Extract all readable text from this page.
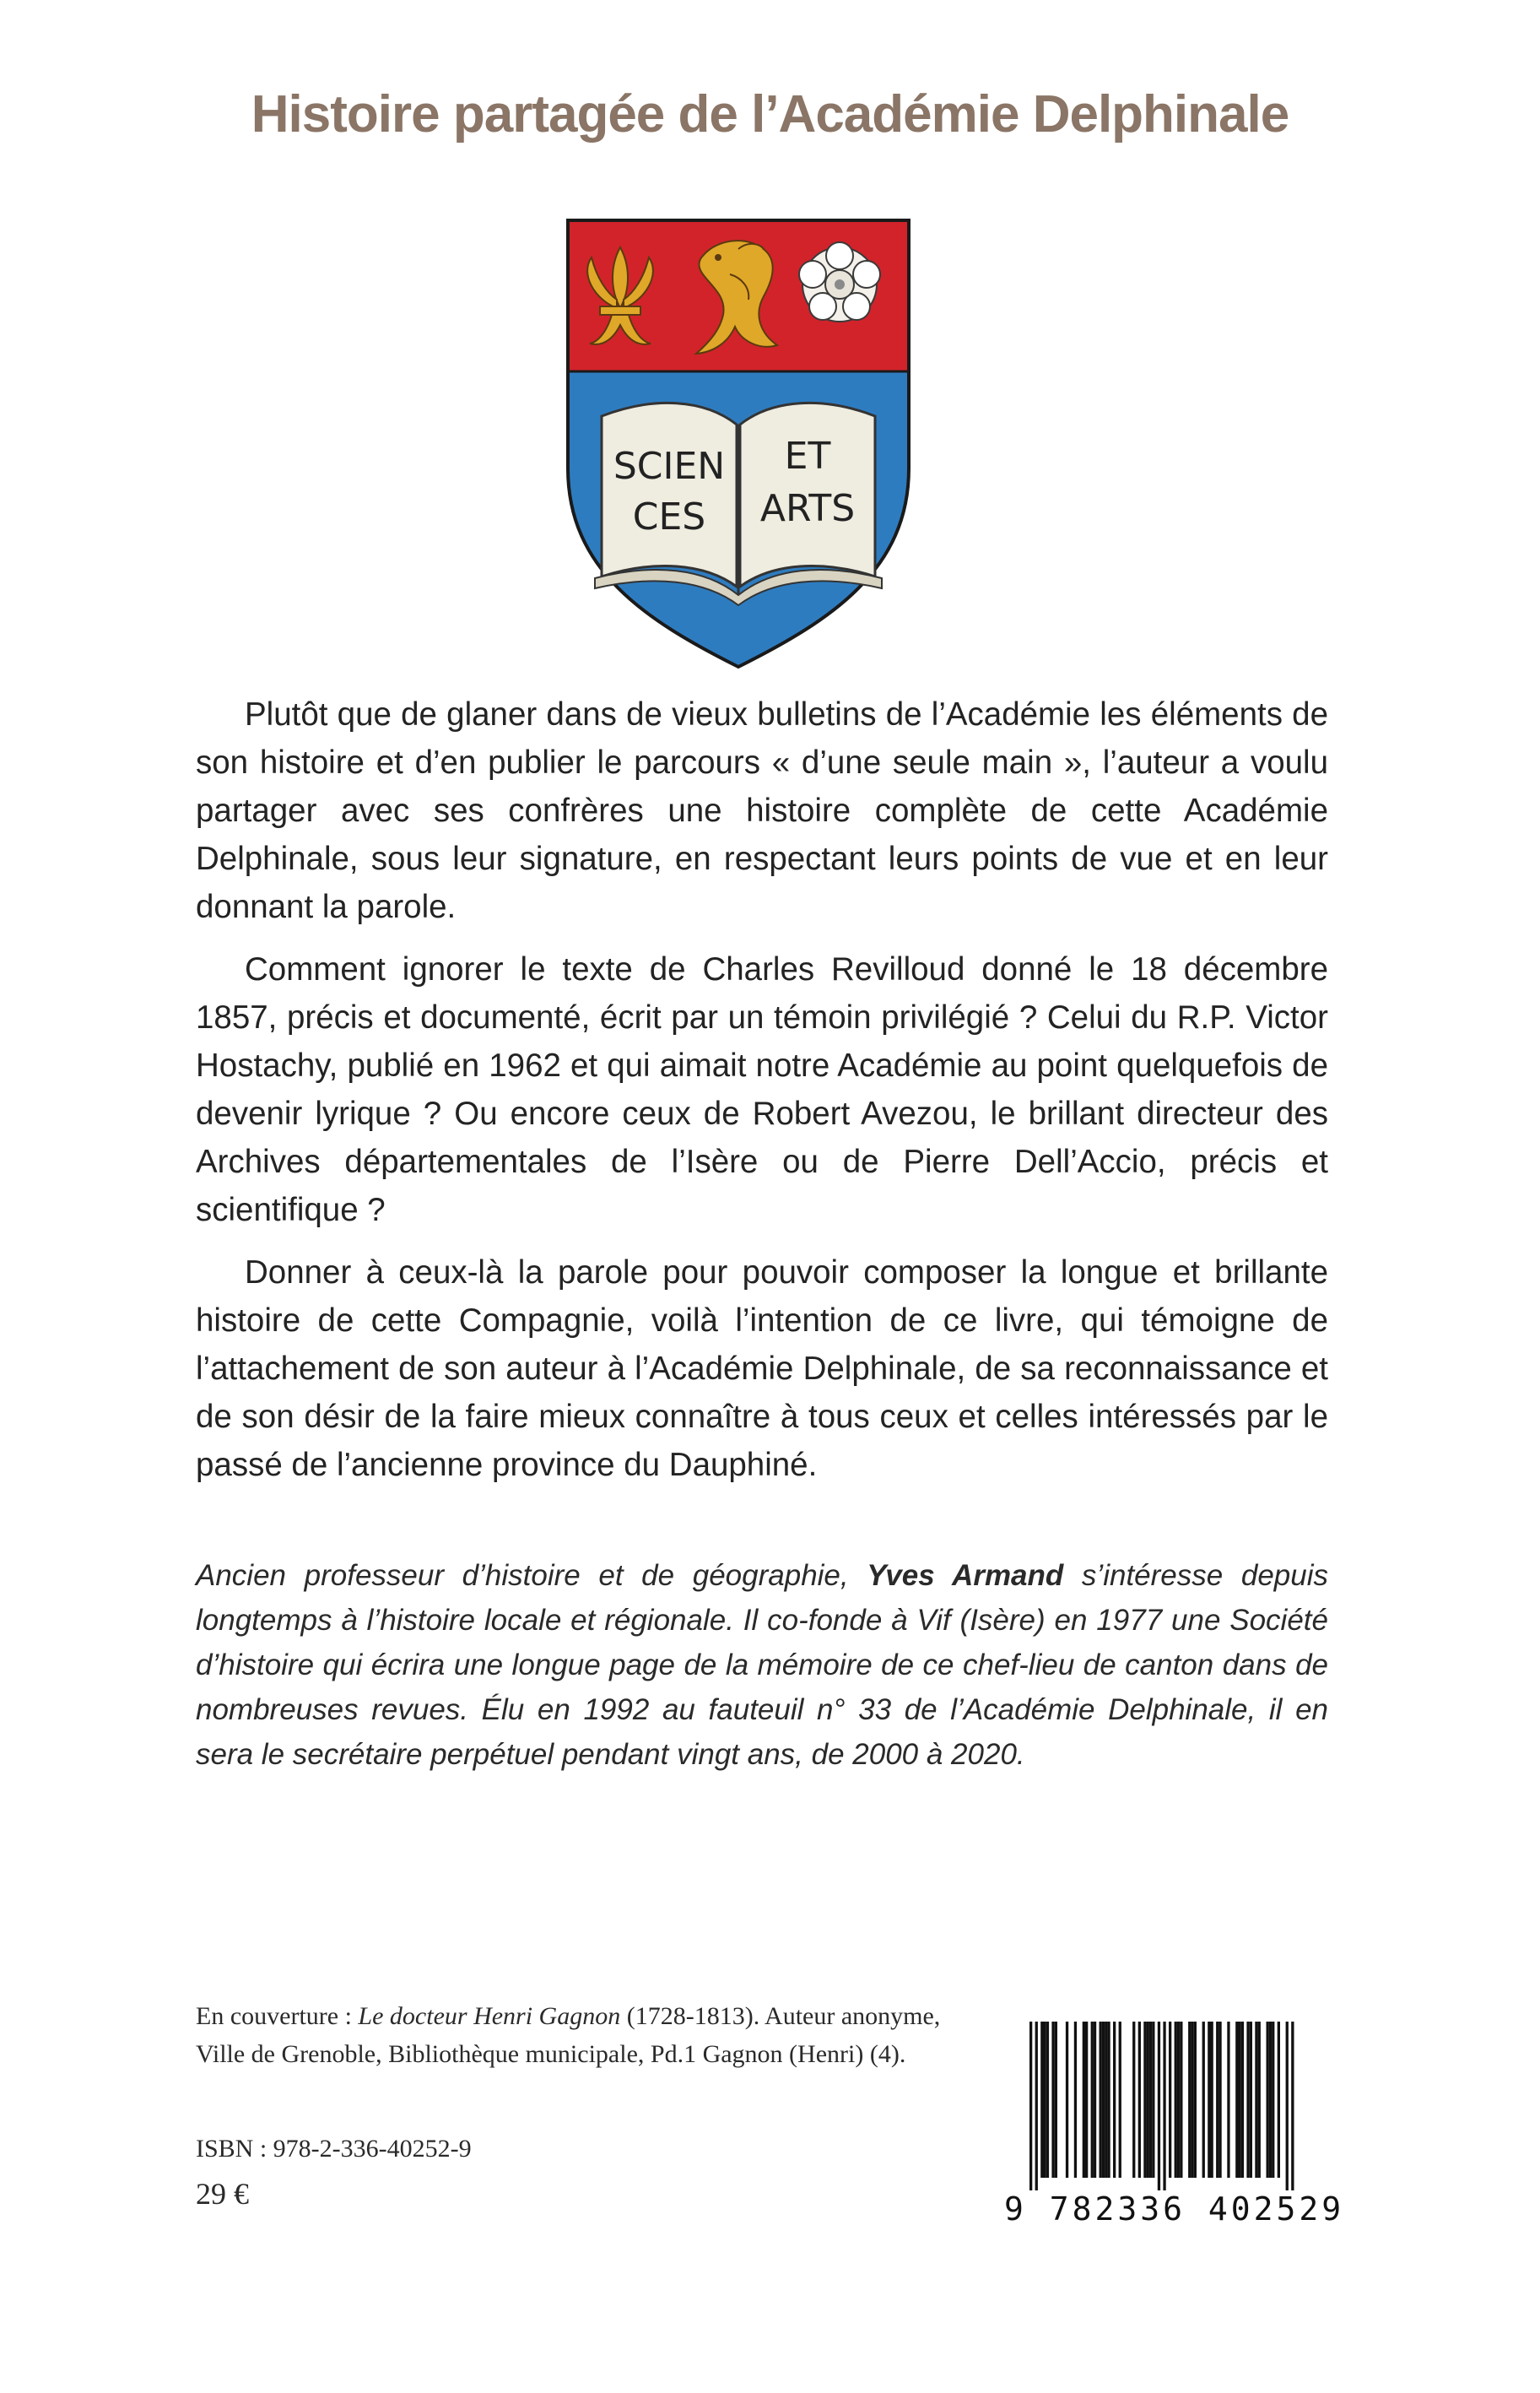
Histoire partagée de l’Académie Delphinale
SCIEN
CES
ET
ARTS

Plutôt que de glaner dans de vieux bulletins de l’Académie les éléments de son histoire et d’en publier le parcours « d’une seule main », l’auteur a voulu partager avec ses confrères une histoire complète de cette Académie Delphinale, sous leur signature, en respectant leurs points de vue et en leur donnant la parole.

Comment ignorer le texte de Charles Revilloud donné le 18 décembre 1857, précis et documenté, écrit par un témoin privilégié ? Celui du R.P. Victor Hostachy, publié en 1962 et qui aimait notre Académie au point quelquefois de devenir lyrique ? Ou encore ceux de Robert Avezou, le brillant directeur des Archives départementales de l’Isère ou de Pierre Dell’Accio, précis et scientifique ?

Donner à ceux-là la parole pour pouvoir composer la longue et brillante histoire de cette Compagnie, voilà l’intention de ce livre, qui témoigne de l’attachement de son auteur à l’Académie Delphinale, de sa reconnaissance et de son désir de la faire mieux connaître à tous ceux et celles intéressés par le passé de l’ancienne province du Dauphiné.

Ancien professeur d’histoire et de géographie, Yves Armand s’intéresse depuis longtemps à l’histoire locale et régionale. Il co-fonde à Vif (Isère) en 1977 une Société d’histoire qui écrira une longue page de la mémoire de ce chef-lieu de canton dans de nombreuses revues. Élu en 1992 au fauteuil n° 33 de l’Académie Delphinale, il en sera le secrétaire perpétuel pendant vingt ans, de 2000 à 2020.

En couverture : Le docteur Henri Gagnon (1728-1813). Auteur anonyme,
Ville de Grenoble, Bibliothèque municipale, Pd.1 Gagnon (Henri) (4).

ISBN : 978-2-336-40252-9

29 €	9 782336 402529
